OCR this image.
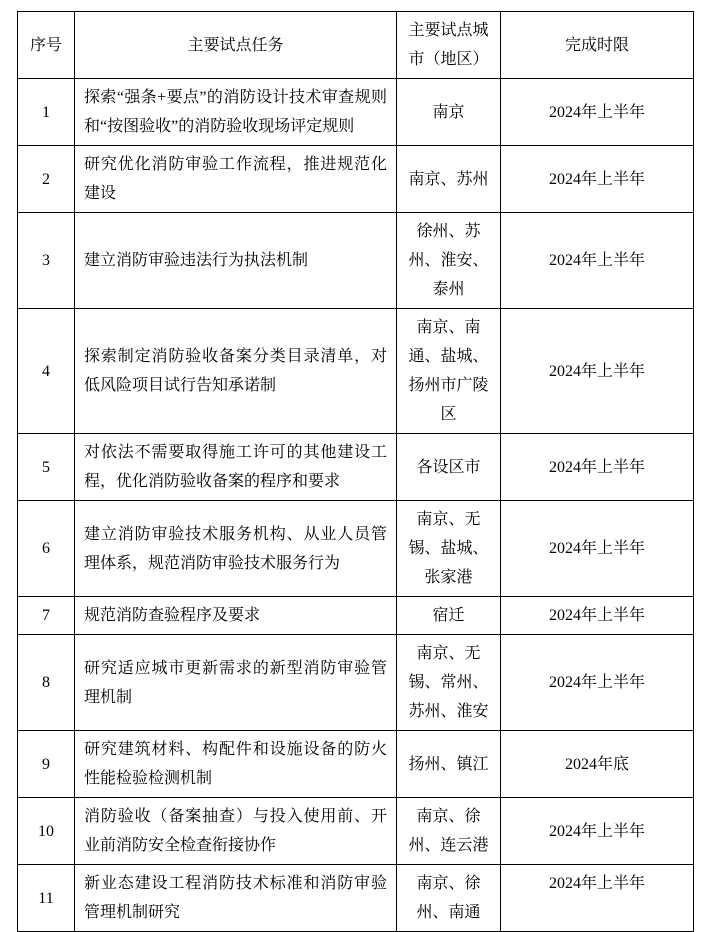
序号	主要试点任务	主要试点城市（地区）	完成时限
1	探索“强条+要点”的消防设计技术审查规则和“按图验收”的消防验收现场评定规则	南京	2024年上半年
2	研究优化消防审验工作流程，推进规范化建设	南京、苏州	2024年上半年
3	建立消防审验违法行为执法机制	徐州、苏州、淮安、泰州	2024年上半年
4	探索制定消防验收备案分类目录清单，对低风险项目试行告知承诺制	南京、南通、盐城、扬州市广陵区	2024年上半年
5	对依法不需要取得施工许可的其他建设工程，优化消防验收备案的程序和要求	各设区市	2024年上半年
6	建立消防审验技术服务机构、从业人员管理体系，规范消防审验技术服务行为	南京、无锡、盐城、张家港	2024年上半年
7	规范消防查验程序及要求	宿迁	2024年上半年
8	研究适应城市更新需求的新型消防审验管理机制	南京、无锡、常州、苏州、淮安	2024年上半年
9	研究建筑材料、构配件和设施设备的防火性能检验检测机制	扬州、镇江	2024年底
10	消防验收（备案抽查）与投入使用前、开业前消防安全检查衔接协作	南京、徐州、连云港	2024年上半年
11	新业态建设工程消防技术标准和消防审验管理机制研究	南京、徐州、南通	2024年上半年
